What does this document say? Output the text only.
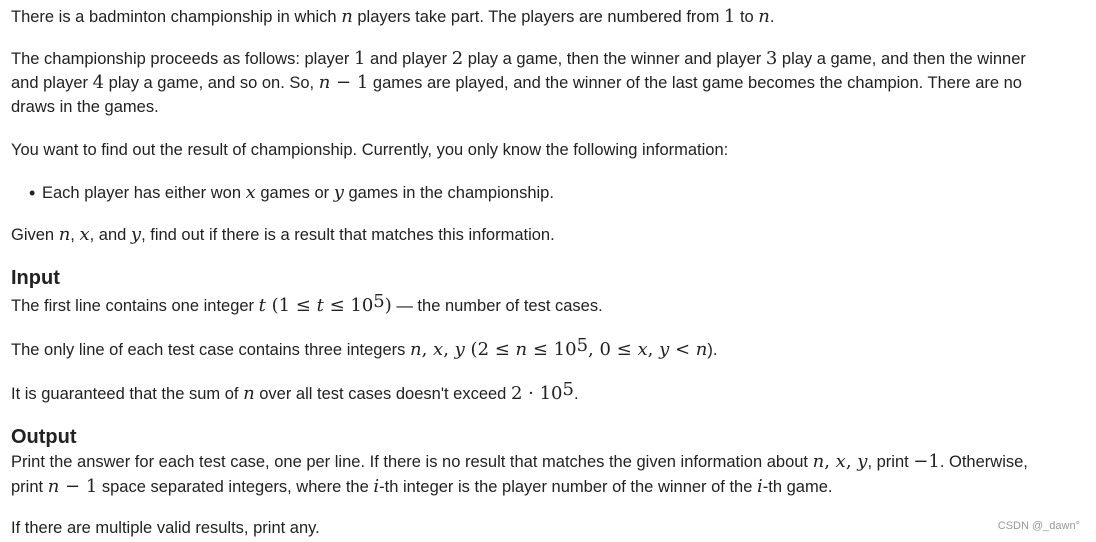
There is a badminton championship in which n players take part. The players are numbered from 1 to n.

The championship proceeds as follows: player 1 and player 2 play a game, then the winner and player 3 play a game, and then the winner
and player 4 play a game, and so on. So, n − 1 games are played, and the winner of the last game becomes the champion. There are no
draws in the games.

You want to find out the result of championship. Currently, you only know the following information:

• Each player has either won x games or y games in the championship.

Given n, x, and y, find out if there is a result that matches this information.

Input

The first line contains one integer t $(1 \le t \le 10^5)$ — the number of test cases.

The only line of each test case contains three integers n, x, y ($2 \le n \le 10^5$, 0 ≤ x, y < n).

It is guaranteed that the sum of n over all test cases doesn't exceed $2 \cdot 10^5$.

Output

Print the answer for each test case, one per line. If there is no result that matches the given information about n, x, y, print −1. Otherwise,

print n − 1 space separated integers, where the i-th integer is the player number of the winner of the i-th game.

If there are multiple valid results, print any.	CSDN @_dawn°
